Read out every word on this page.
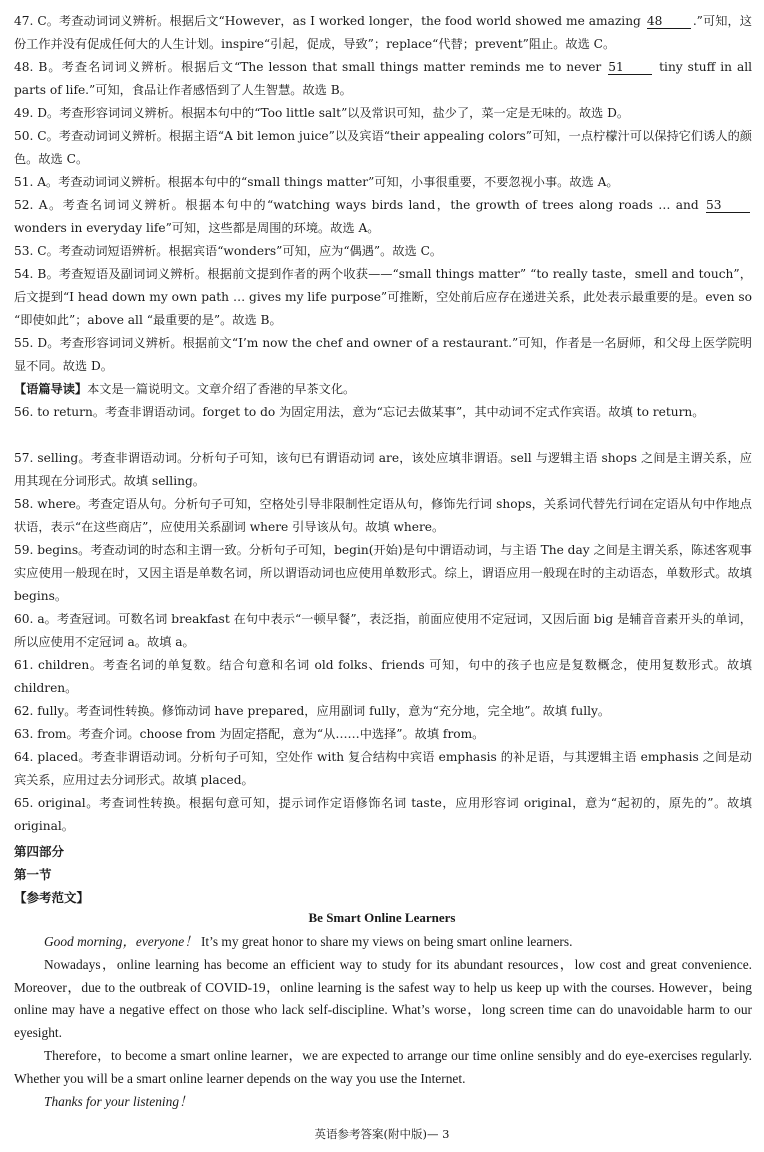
47. C。考查动词词义辨析。根据后文“However，as I worked longer，the food world showed me amazing 48 .”可知，这份工作并没有促成任何大的人生计划。inspire“引起，促成，导致”；replace“代替；prevent”阻止。故选 C。
48. B。考查名词词义辨析。根据后文“The lesson that small things matter reminds me to never 51	tiny stuff in all parts of life.”可知，食品让作者感悟到了人生智慧。故选 B。
49. D。考查形容词词义辨析。根据本句中的“Too little salt”以及常识可知，盐少了，菜一定是无味的。故选 D。
50. C。考查动词词义辨析。根据主语“A bit lemon juice”以及宾语“their appealing colors”可知，一点柠檬汁可以保持它们诱人的颜色。故选 C。
51. A。考查动词词义辨析。根据本句中的“small things matter”可知，小事很重要，不要忽视小事。故选 A。
52. A。考查名词词义辨析。根据本句中的“watching ways birds land，the growth of trees along roads … and 53 wonders in everyday life”可知，这些都是周围的环境。故选 A。
53. C。考查动词短语辨析。根据宾语“wonders”可知，应为“偶遇”。故选 C。
54. B。考查短语及副词词义辨析。根据前文提到作者的两个收获——“small things matter” “to really taste，smell and touch”，后文提到“I head down my own path … gives my life purpose”可推断，空处前后应存在递进关系，此处表示最重要的是。even so “即使如此”；above all “最重要的是”。故选 B。
55. D。考查形容词词义辨析。根据前文“I’m now the chef and owner of a restaurant.”可知，作者是一名厨师，和父母上医学院明显不同。故选 D。
【语篇导读】本文是一篇说明文。文章介绍了香港的早茶文化。
56. to return。考查非谓语动词。forget to do 为固定用法，意为“忘记去做某事”，其中动词不定式作宾语。故填 to return。
57. selling。考查非谓语动词。分析句子可知，该句已有谓语动词 are，该处应填非谓语。sell 与逻辑主语 shops 之间是主谓关系，应用其现在分词形式。故填 selling。
58. where。考查定语从句。分析句子可知，空格处引导非限制性定语从句，修饰先行词 shops，关系词代替先行词在定语从句中作地点状语，表示“在这些商店”，应使用关系副词 where 引导该从句。故填 where。
59. begins。考查动词的时态和主谓一致。分析句子可知，begin(开始)是句中谓语动词，与主语 The day 之间是主谓关系，陈述客观事实应使用一般现在时，又因主语是单数名词，所以谓语动词也应使用单数形式。综上，谓语应用一般现在时的主动语态，单数形式。故填 begins。
60. a。考查冠词。可数名词 breakfast 在句中表示“一顿早餐”，表泛指，前面应使用不定冠词，又因后面 big 是辅音音素开头的单词，所以应使用不定冠词 a。故填 a。
61. children。考查名词的单复数。结合句意和名词 old folks、friends 可知，句中的孩子也应是复数概念，使用复数形式。故填 children。
62. fully。考查词性转换。修饰动词 have prepared，应用副词 fully，意为“充分地，完全地”。故填 fully。
63. from。考查介词。choose from 为固定搭配，意为“从……中选择”。故填 from。
64. placed。考查非谓语动词。分析句子可知，空处作 with 复合结构中宾语 emphasis 的补足语，与其逻辑主语 emphasis 之间是动宾关系，应用过去分词形式。故填 placed。
65. original。考查词性转换。根据句意可知，提示词作定语修饰名词 taste，应用形容词 original，意为“起初的，原先的”。故填 original。
第四部分
第一节
【参考范文】
Be Smart Online Learners

Good morning，everyone！ It’s my great honor to share my views on being smart online learners.

Nowadays，online learning has become an efficient way to study for its abundant resources，low cost and great convenience. Moreover，due to the outbreak of COVID-19，online learning is the safest way to help us keep up with the courses. However，being online may have a negative effect on those who lack self-discipline. What’s worse，long screen time can do unavoidable harm to our eyesight.

Therefore，to become a smart online learner，we are expected to arrange our time online sensibly and do eye-exercises regularly. Whether you will be a smart online learner depends on the way you use the Internet.

Thanks for your listening！

英语参考答案(附中版)— 3
